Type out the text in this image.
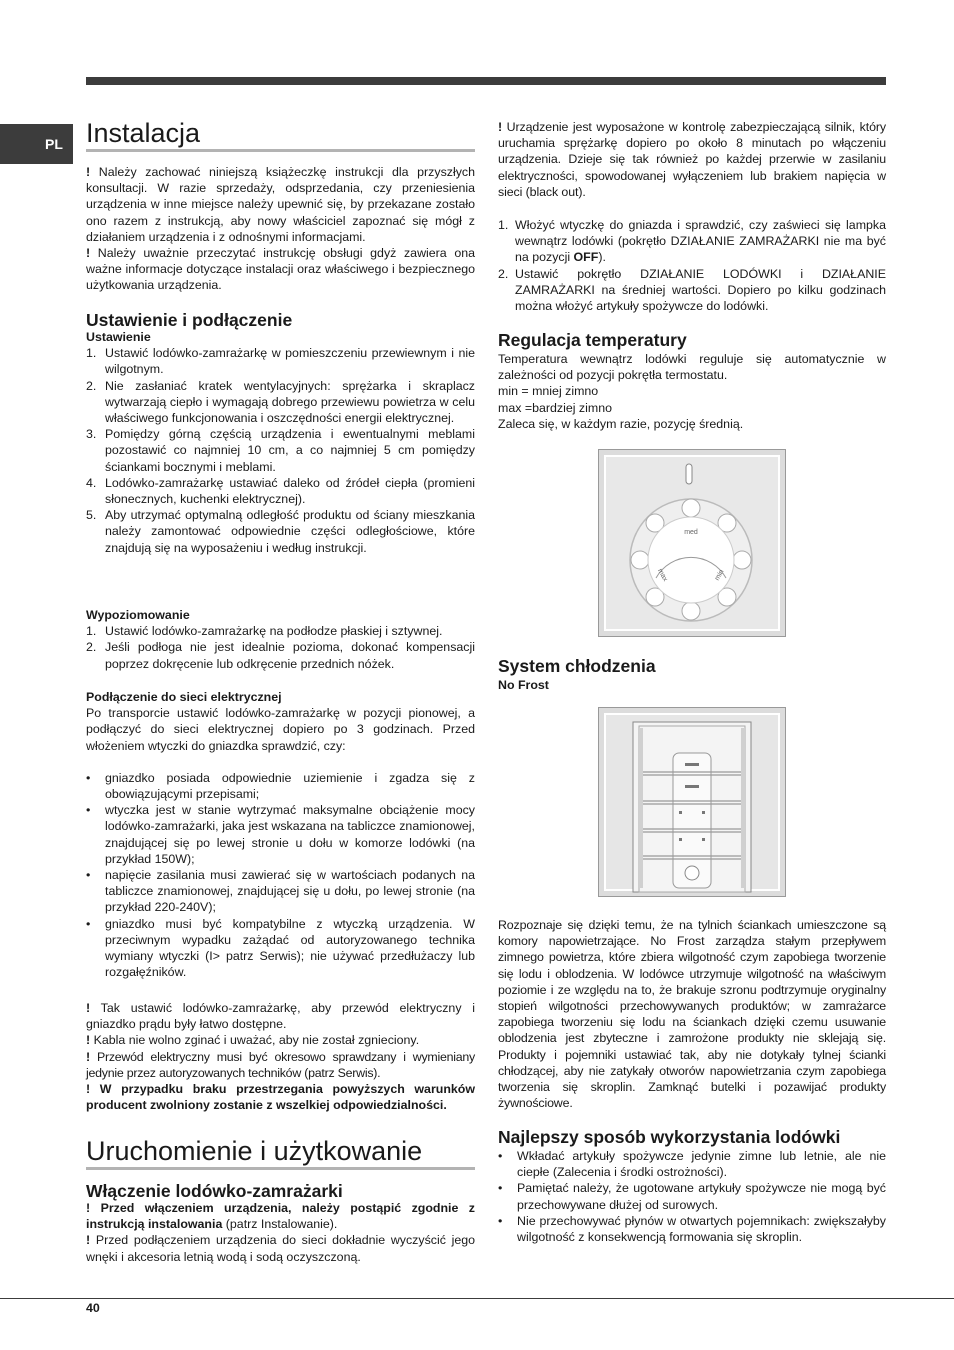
PL Instalacja

! Należy zachować niniejszą książeczkę instrukcji dla przyszłych konsultacji. W razie sprzedaży, odsprzedania, czy przeniesienia urządzenia w inne miejsce należy upewnić się, by przekazane zostało ono razem z instrukcją, aby nowy właściciel zapoznać się mógł z działaniem urządzenia i z odnośnymi informacjami.

! Należy uważnie przeczytać instrukcję obsługi gdyż zawiera ona ważne informacje dotyczące instalacji oraz właściwego i bezpiecznego użytkowania urządzenia.

Ustawienie i podłączenie
Ustawienie
1. Ustawić lodówko-zamrażarkę w pomieszczeniu przewiewnym i nie wilgotnym.
2. Nie zasłaniać kratek wentylacyjnych: sprężarka i skraplacz wytwarzają ciepło i wymagają dobrego przewiewu powietrza w celu właściwego funkcjonowania i oszczędności energii elektrycznej.
3. Pomiędzy górną częścią urządzenia i ewentualnymi meblami pozostawić co najmniej 10 cm, a co najmniej 5 cm pomiędzy ściankami bocznymi i meblami.
4. Lodówko-zamrażarkę ustawiać daleko od źródeł ciepła (promieni słonecznych, kuchenki elektrycznej).
5. Aby utrzymać optymalną odległość produktu od ściany mieszkania należy zamontować odpowiednie części odległościowe, które znajdują się na wyposażeniu i według instrukcji.
Wypoziomowanie
1. Ustawić lodówko-zamrażarkę na podłodze płaskiej i sztywnej.
2. Jeśli podłoga nie jest idealnie pozioma, dokonać kompensacji poprzez dokręcenie lub odkręcenie przednich nóżek.
Podłączenie do sieci elektrycznej

Po transporcie ustawić lodówko-zamrażarkę w pozycji pionowej, a podłączyć do sieci elektrycznej dopiero po 3 godzinach. Przed włożeniem wtyczki do gniazdka sprawdzić, czy:

• gniazdko posiada odpowiednie uziemienie i zgadza się z obowiązującymi przepisami;
• wtyczka jest w stanie wytrzymać maksymalne obciążenie mocy lodówko-zamrażarki, jaka jest wskazana na tabliczce znamionowej, znajdującej się po lewej stronie u dołu w komorze lodówki (na przykład 150W);
• napięcie zasilania musi zawierać się w wartościach podanych na tabliczce znamionowej, znajdującej się u dołu, po lewej stronie (na przykład 220-240V);
• gniazdko musi być kompatybilne z wtyczką urządzenia. W przeciwnym wypadku zażądać od autoryzowanego technika wymiany wtyczki (I> patrz Serwis); nie używać przedłużaczy lub rozgałęźników.

! Tak ustawić lodówko-zamrażarkę, aby przewód elektryczny i gniazdko prądu były łatwo dostępne.

! Kabla nie wolno zginać i uważać, aby nie został zgnieciony.

! Przewód elektryczny musi być okresowo sprawdzany i wymieniany jedynie przez autoryzowanych techników (patrz Serwis).

! W przypadku braku przestrzegania powyższych warunków producent zwolniony zostanie z wszelkiej odpowiedzialności.

Uruchomienie i użytkowanie
Włączenie lodówko-zamrażarki

! Przed włączeniem urządzenia, należy postąpić zgodnie z instrukcją instalowania (patrz Instalowanie).

! Przed podłączeniem urządzenia do sieci dokładnie wyczyścić jego wnęki i akcesoria letnią wodą i sodą oczyszczoną.

! Urządzenie jest wyposażone w kontrolę zabezpieczającą silnik, który uruchamia sprężarkę dopiero po około 8 minutach po włączeniu urządzenia. Dzieje się tak również po każdej przerwie w zasilaniu elektryczności, spowodowanej wyłączeniem lub brakiem napięcia w sieci (black out).

1. Włożyć wtyczkę do gniazda i sprawdzić, czy zaświeci się lampka wewnątrz lodówki (pokrętło DZIAŁANIE ZAMRAŻARKI nie ma być na pozycji OFF).
2. Ustawić pokrętło DZIAŁANIE LODÓWKI i DZIAŁANIE ZAMRAŻARKI na średniej wartości. Dopiero po kilku godzinach można włożyć artykuły spożywcze do lodówki.
Regulacja temperatury

Temperatura wewnątrz lodówki reguluje się automatycznie w zależności od pozycji pokrętła termostatu.

min = mniej zimno
max =bardziej zimno
Zaleca się, w każdym razie, pozycję średnią.
med
max	min
System chłodzenia
No Frost

Rozpoznaje się dzięki temu, że na tylnich ściankach umieszczone są komory napowietrzające. No Frost zarządza stałym przepływem zimnego powietrza, które zbiera wilgotność czym zapobiega tworzenie się lodu i oblodzenia. W lodówce utrzymuje wilgotność na właściwym poziomie i ze względu na to, że brakuje szronu podtrzymuje oryginalny stopień wilgotności przechowywanych produktów; w zamrażarce zapobiega tworzeniu się lodu na ściankach dzięki czemu usuwanie oblodzenia jest zbyteczne i zamrożone produkty nie sklejają się. Produkty i pojemniki ustawiać tak, aby nie dotykały tylnej ścianki chłodzącej, aby nie zatykały otworów napowietrzania czym zapobiega tworzenia się skroplin. Zamknąć butelki i pozawijać produkty żywnościowe.

Najlepszy sposób wykorzystania lodówki
• Wkładać artykuły spożywcze jedynie zimne lub letnie, ale nie ciepłe (Zalecenia i środki ostrożności).
• Pamiętać należy, że ugotowane artykuły spożywcze nie mogą być przechowywane dłużej od surowych.
• Nie przechowywać płynów w otwartych pojemnikach: zwiększałyby wilgotność z konsekwencją formowania się skroplin.
40
